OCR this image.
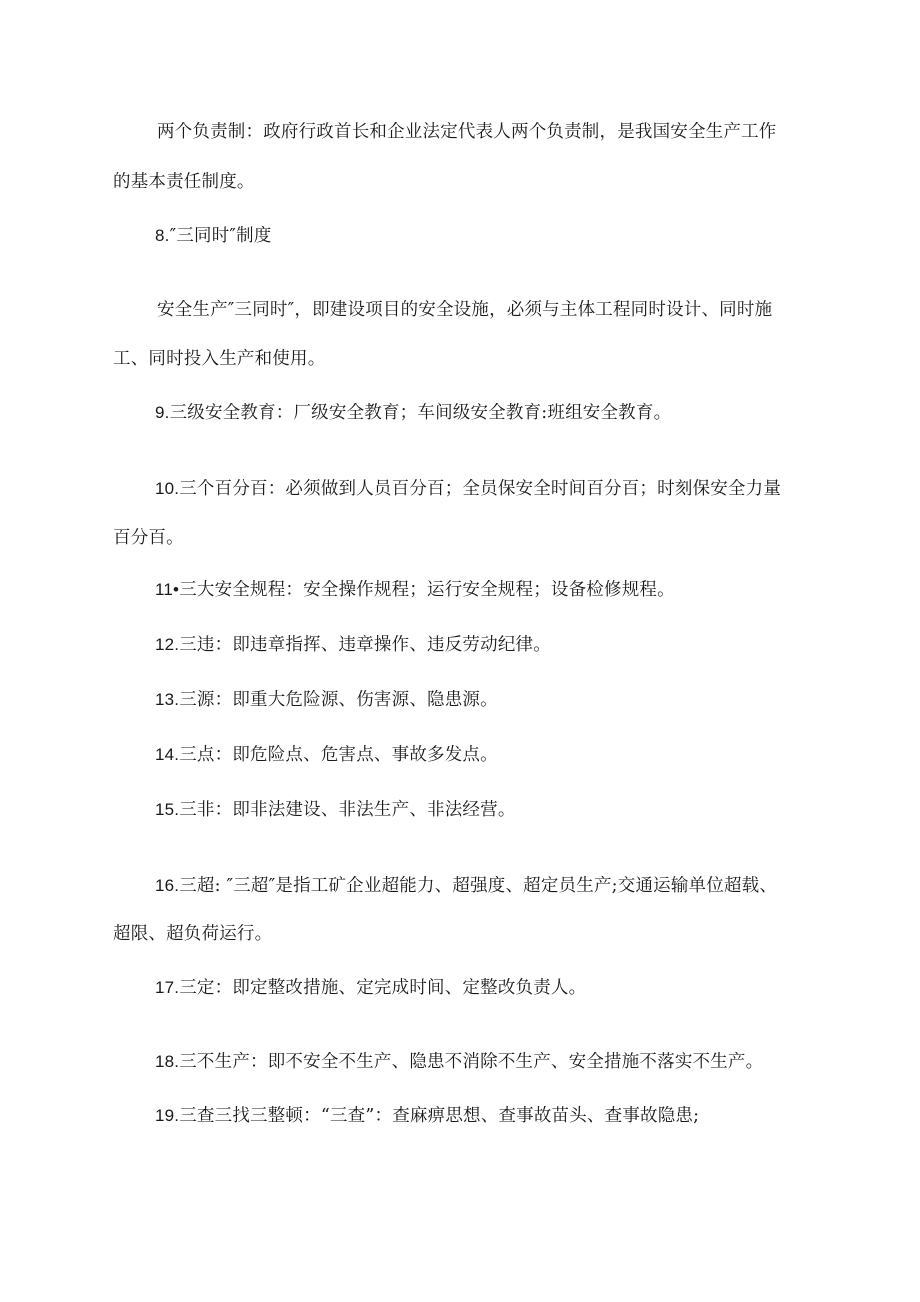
两个负责制：政府行政首长和企业法定代表人两个负责制，是我国安全生产工作
的基本责任制度。
8.″三同时″制度
安全生产″三同时″，即建设项目的安全设施，必须与主体工程同时设计、同时施
工、同时投入生产和使用。
9.三级安全教育：厂级安全教育；车间级安全教育:班组安全教育。
10.三个百分百：必须做到人员百分百；全员保安全时间百分百；时刻保安全力量
百分百。
11•三大安全规程：安全操作规程；运行安全规程；设备检修规程。
12.三违：即违章指挥、违章操作、违反劳动纪律。
13.三源：即重大危险源、伤害源、隐患源。
14.三点：即危险点、危害点、事故多发点。
15.三非：即非法建设、非法生产、非法经营。
16.三超: ″三超″是指工矿企业超能力、超强度、超定员生产;交通运输单位超载、
超限、超负荷运行。
17.三定：即定整改措施、定完成时间、定整改负责人。
18.三不生产：即不安全不生产、隐患不消除不生产、安全措施不落实不生产。
19.三查三找三整顿：“三查”：查麻痹思想、查事故苗头、查事故隐患;
